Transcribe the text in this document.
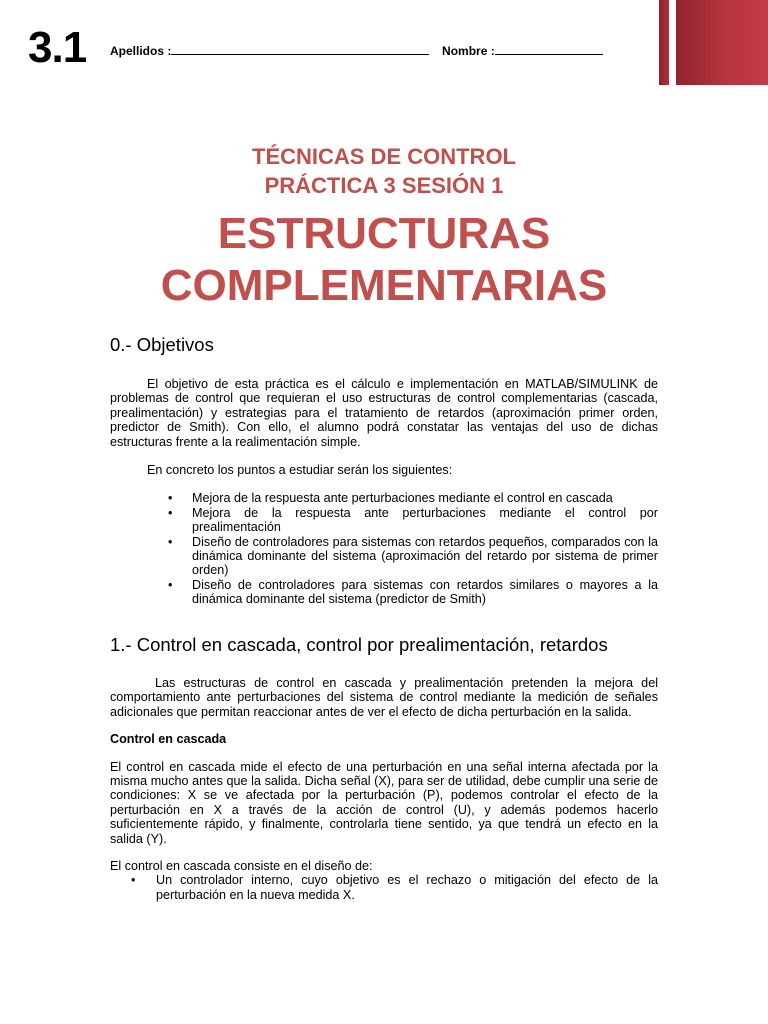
3.1 Apellidos :	Nombre :
TÉCNICAS DE CONTROL
PRÁCTICA 3 SESIÓN 1
ESTRUCTURAS
COMPLEMENTARIAS
0.- Objetivos

El objetivo de esta práctica es el cálculo e implementación en MATLAB/SIMULINK de problemas de control que requieran el uso estructuras de control complementarias (cascada, prealimentación) y estrategias para el tratamiento de retardos (aproximación primer orden, predictor de Smith). Con ello, el alumno podrá constatar las ventajas del uso de dichas estructuras frente a la realimentación simple.

En concreto los puntos a estudiar serán los siguientes:

• Mejora de la respuesta ante perturbaciones mediante el control en cascada
• Mejora de la respuesta ante perturbaciones mediante el control por prealimentación
• Diseño de controladores para sistemas con retardos pequeños, comparados con la dinámica dominante del sistema (aproximación del retardo por sistema de primer orden)
• Diseño de controladores para sistemas con retardos similares o mayores a la dinámica dominante del sistema (predictor de Smith)
1.- Control en cascada, control por prealimentación, retardos

Las estructuras de control en cascada y prealimentación pretenden la mejora del comportamiento ante perturbaciones del sistema de control mediante la medición de señales adicionales que permitan reaccionar antes de ver el efecto de dicha perturbación en la salida.

Control en cascada

El control en cascada mide el efecto de una perturbación en una señal interna afectada por la misma mucho antes que la salida. Dicha señal (X), para ser de utilidad, debe cumplir una serie de condiciones: X se ve afectada por la perturbación (P), podemos controlar el efecto de la perturbación en X a través de la acción de control (U), y además podemos hacerlo suficientemente rápido, y finalmente, controlarla tiene sentido, ya que tendrá un efecto en la salida (Y).

El control en cascada consiste en el diseño de:

• Un controlador interno, cuyo objetivo es el rechazo o mitigación del efecto de la perturbación en la nueva medida X.
